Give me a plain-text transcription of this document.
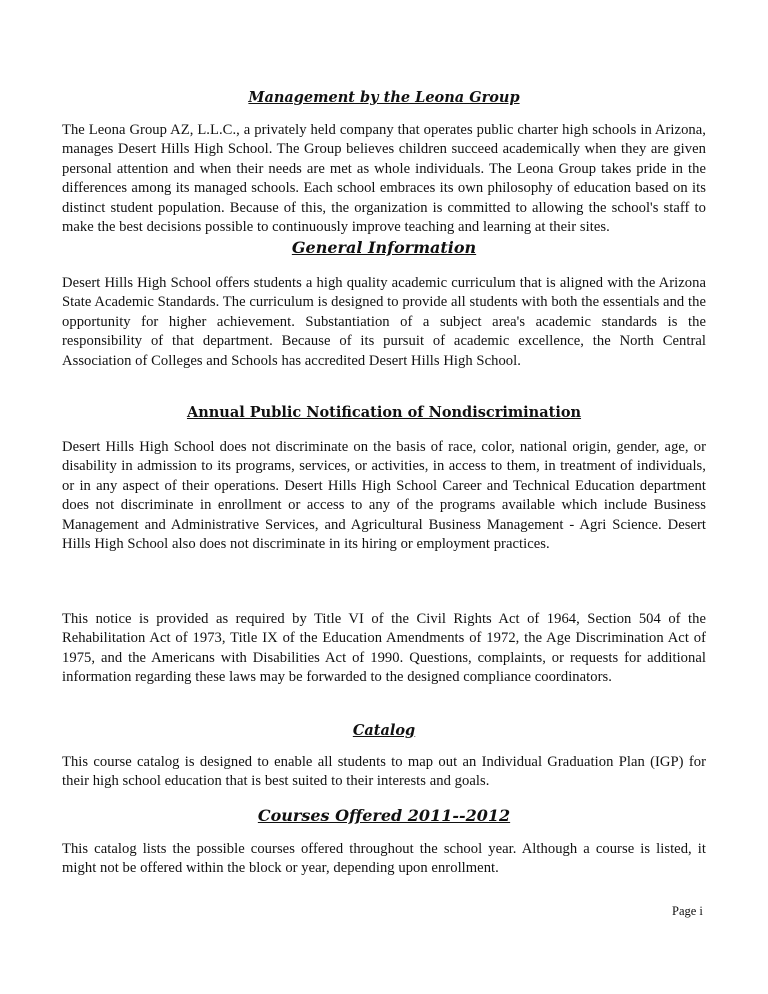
Management by the Leona Group
The Leona Group AZ, L.L.C., a privately held company that operates public charter high schools in Arizona, manages Desert Hills High School. The Group believes children succeed academically when they are given personal attention and when their needs are met as whole individuals. The Leona Group takes pride in the differences among its managed schools. Each school embraces its own philosophy of education based on its distinct student population. Because of this, the organization is committed to allowing the school's staff to make the best decisions possible to continuously improve teaching and learning at their sites.
General Information
Desert Hills High School offers students a high quality academic curriculum that is aligned with the Arizona State Academic Standards. The curriculum is designed to provide all students with both the essentials and the opportunity for higher achievement. Substantiation of a subject area's academic standards is the responsibility of that department. Because of its pursuit of academic excellence, the North Central Association of Colleges and Schools has accredited Desert Hills High School.
Annual Public Notification of Nondiscrimination
Desert Hills High School does not discriminate on the basis of race, color, national origin, gender, age, or disability in admission to its programs, services, or activities, in access to them, in treatment of individuals, or in any aspect of their operations. Desert Hills High School Career and Technical Education department does not discriminate in enrollment or access to any of the programs available which include Business Management and Administrative Services, and Agricultural Business Management - Agri Science. Desert Hills High School also does not discriminate in its hiring or employment practices.
This notice is provided as required by Title VI of the Civil Rights Act of 1964, Section 504 of the Rehabilitation Act of 1973, Title IX of the Education Amendments of 1972, the Age Discrimination Act of 1975, and the Americans with Disabilities Act of 1990. Questions, complaints, or requests for additional information regarding these laws may be forwarded to the designed compliance coordinators.
Catalog
This course catalog is designed to enable all students to map out an Individual Graduation Plan (IGP) for their high school education that is best suited to their interests and goals.
Courses Offered 2011--2012
This catalog lists the possible courses offered throughout the school year. Although a course is listed, it might not be offered within the block or year, depending upon enrollment.
Page i
